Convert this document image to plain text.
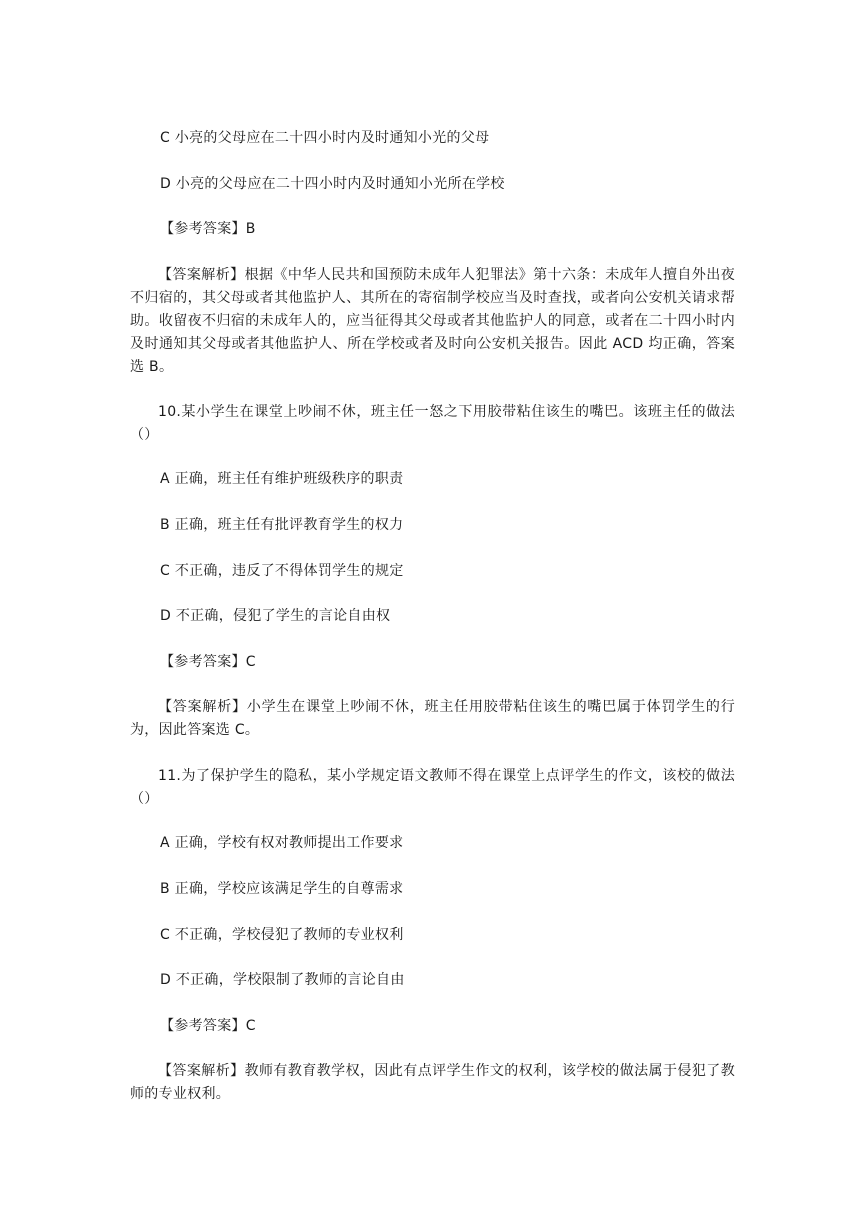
C 小亮的父母应在二十四小时内及时通知小光的父母

D 小亮的父母应在二十四小时内及时通知小光所在学校

【参考答案】B

【答案解析】根据《中华人民共和国预防未成年人犯罪法》第十六条：未成年人擅自外出夜不归宿的，其父母或者其他监护人、其所在的寄宿制学校应当及时查找，或者向公安机关请求帮助。收留夜不归宿的未成年人的，应当征得其父母或者其他监护人的同意，或者在二十四小时内及时通知其父母或者其他监护人、所在学校或者及时向公安机关报告。因此 ACD 均正确，答案选 B。

10.某小学生在课堂上吵闹不休，班主任一怒之下用胶带粘住该生的嘴巴。该班主任的做法（）

A 正确，班主任有维护班级秩序的职责

B 正确，班主任有批评教育学生的权力

C 不正确，违反了不得体罚学生的规定

D 不正确，侵犯了学生的言论自由权

【参考答案】C

【答案解析】小学生在课堂上吵闹不休，班主任用胶带粘住该生的嘴巴属于体罚学生的行为，因此答案选 C。

11.为了保护学生的隐私，某小学规定语文教师不得在课堂上点评学生的作文，该校的做法（）

A 正确，学校有权对教师提出工作要求

B 正确，学校应该满足学生的自尊需求

C 不正确，学校侵犯了教师的专业权利

D 不正确，学校限制了教师的言论自由

【参考答案】C

【答案解析】教师有教育教学权，因此有点评学生作文的权利，该学校的做法属于侵犯了教师的专业权利。
